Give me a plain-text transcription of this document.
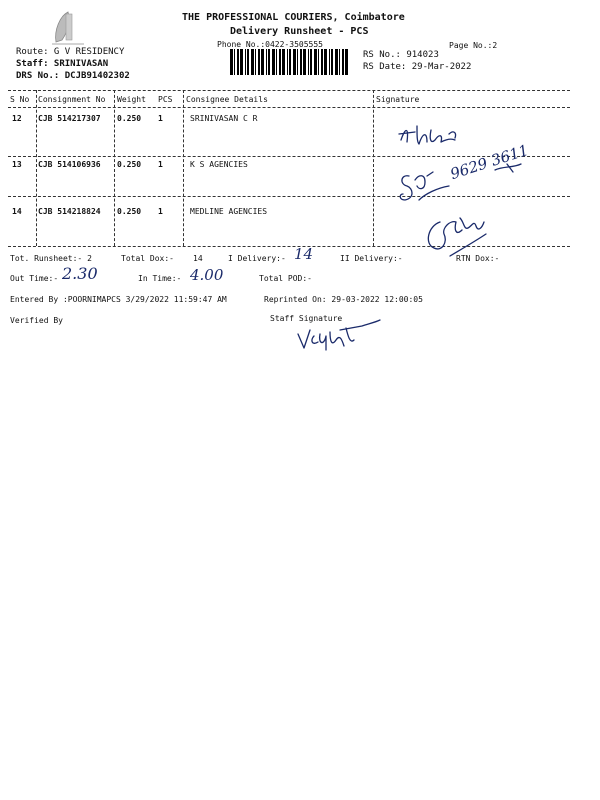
THE PROFESSIONAL COURIERS, Coimbatore
Delivery Runsheet - PCS
Phone No.:0422-3505555	Page No.:2
Route: G V RESIDENCY
Staff: SRINIVASAN
DRS No.: DCJB91402302
RS No.: 914023
RS Date: 29-Mar-2022
S No Consignment No Weight PCS Consignee Details	Signature
12 CJB 514217307 0.250 1	SRINIVASAN C R
13 CJB 514106936 0.250 1	K S AGENCIES
14 CJB 514218824 0.250 1	MEDLINE AGENCIES
9629 3611
Tot. Runsheet:- 2	Total Dox:- 14	I Delivery:- 14	II Delivery:-	RTN Dox:-
Out Time:- 2.30	In Time:- 4.00	Total POD:-
Entered By :POORNIMAPCS 3/29/2022 11:59:47 AM	Reprinted On: 29-03-2022 12:00:05
Verified By	Staff Signature
